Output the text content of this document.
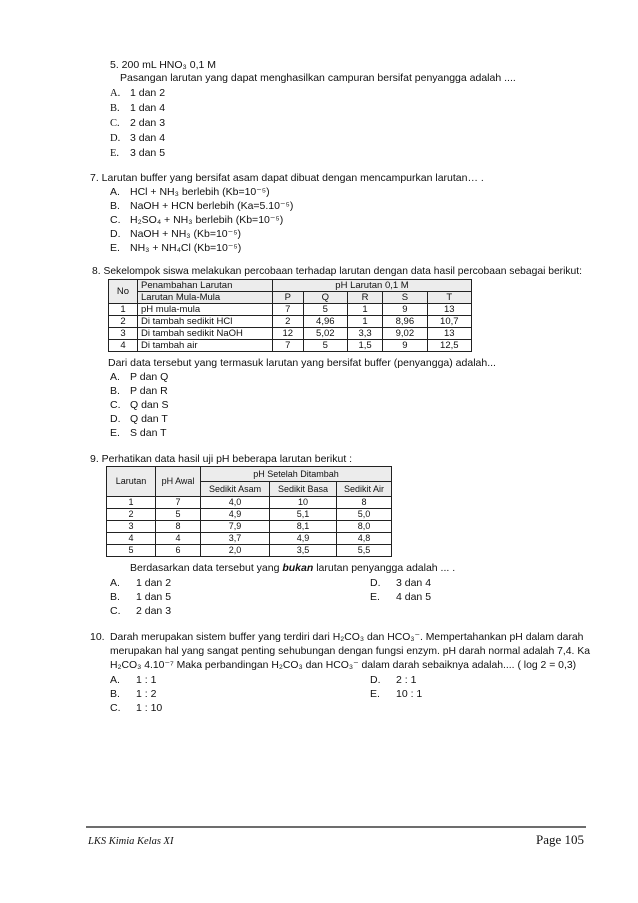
5. 200 mL HNO₃ 0,1 M
Pasangan larutan yang dapat menghasilkan campuran bersifat penyangga adalah ....
A. 1 dan 2
B. 1 dan 4
C. 2 dan 3
D. 3 dan 4
E. 3 dan 5
7. Larutan buffer yang bersifat asam dapat dibuat dengan mencampurkan larutan… .
A. HCl + NH₃ berlebih (Kb=10⁻⁵)
B. NaOH + HCN berlebih (Ka=5.10⁻⁵)
C. H₂SO₄ + NH₃ berlebih (Kb=10⁻⁵)
D. NaOH + NH₃ (Kb=10⁻⁵)
E. NH₃ + NH₄Cl (Kb=10⁻⁵)
8. Sekelompok siswa melakukan percobaan terhadap larutan dengan data hasil percobaan sebagai berikut:
No	Penambahan Larutan	pH Larutan 0,1 M				
	Larutan Mula-Mula	P	Q	R	S	T
1	pH mula-mula	7	5	1	9	13
2	Di tambah sedikit HCl	2	4,96	1	8,96	10,7
3	Di tambah sedikit NaOH	12	5,02	3,3	9,02	13
4	Di tambah air	7	5	1,5	9	12,5
Dari data tersebut yang termasuk larutan yang bersifat buffer (penyangga) adalah...
A. P dan Q
B. P dan R
C. Q dan S
D. Q dan T
E. S dan T
9. Perhatikan data hasil uji pH beberapa larutan berikut :
Larutan	pH Awal	pH Setelah Ditambah		
		Sedikit Asam	Sedikit Basa	Sedikit Air
1	7	4,0	10	8
2	5	4,9	5,1	5,0
3	8	7,9	8,1	8,0
4	4	3,7	4,9	4,8
5	6	2,0	3,5	5,5
Berdasarkan data tersebut yang bukan larutan penyangga adalah ... .
A. 1 dan 2
B. 1 dan 5
C. 2 dan 3
D. 3 dan 4
E. 4 dan 5
10. Darah merupakan sistem buffer yang terdiri dari H₂CO₃ dan HCO₃⁻. Mempertahankan pH dalam darah
merupakan hal yang sangat penting sehubungan dengan fungsi enzym. pH darah normal adalah 7,4. Ka
H₂CO₃ 4.10⁻⁷ Maka perbandingan H₂CO₃ dan HCO₃⁻ dalam darah sebaiknya adalah.... ( log 2 = 0,3)
A. 1 : 1
B. 1 : 2
C. 1 : 10
D. 2 : 1
E. 10 : 1
LKS Kimia Kelas XI	Page 105
